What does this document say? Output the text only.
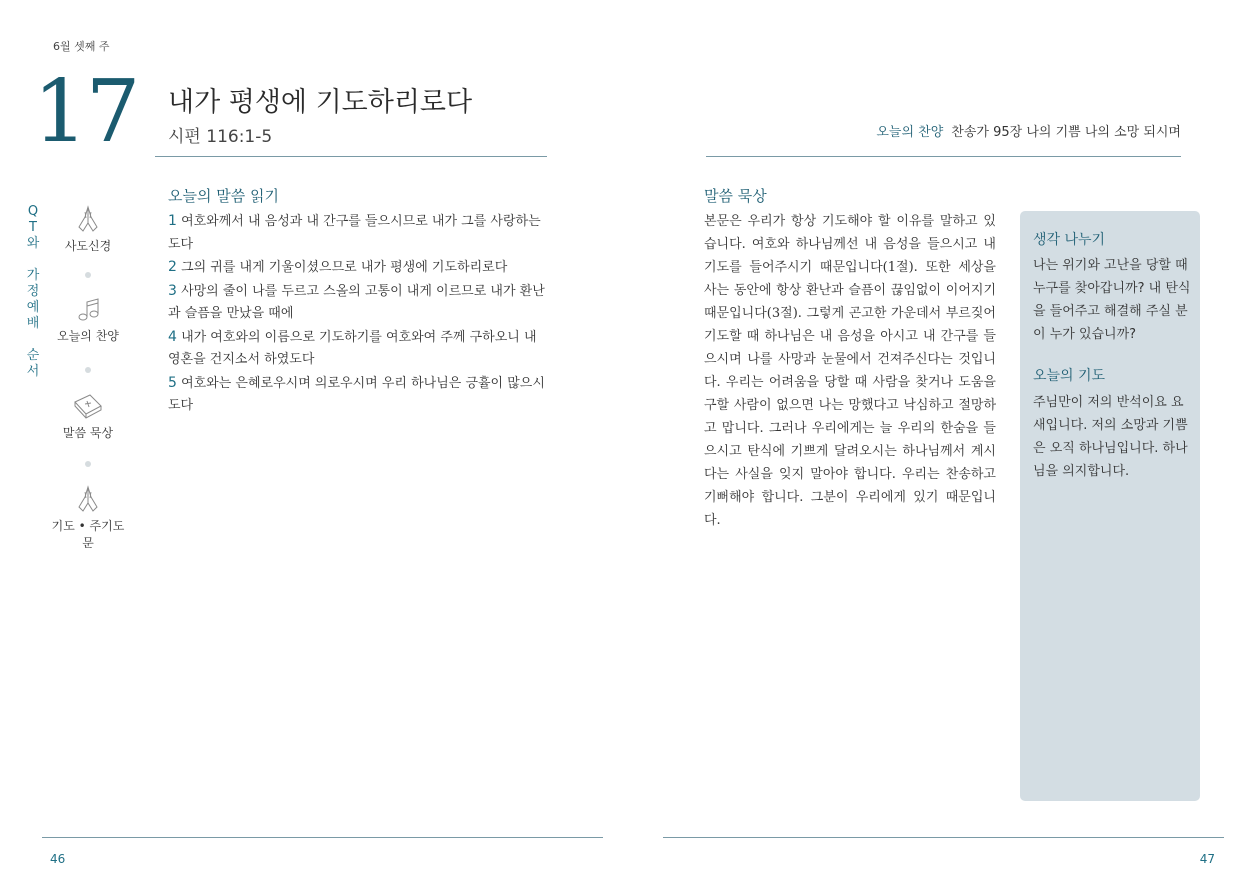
6월 셋째 주
17 내가 평생에 기도하리로다
시편 116:1-5	오늘의 찬양 찬송가 95장 나의 기쁨 나의 소망 되시며
Q
T
와

가
정
예
배

순
서
사도신경
오늘의 찬양
말씀 묵상
기도 • 주기도문
오늘의 말씀 읽기
1 여호와께서 내 음성과 내 간구를 들으시므로 내가 그를 사랑하는도다
2 그의 귀를 내게 기울이셨으므로 내가 평생에 기도하리로다
3 사망의 줄이 나를 두르고 스올의 고통이 내게 이르므로 내가 환난과 슬픔을 만났을 때에
4 내가 여호와의 이름으로 기도하기를 여호와여 주께 구하오니 내 영혼을 건지소서 하였도다
5 여호와는 은혜로우시며 의로우시며 우리 하나님은 긍휼이 많으시도다
말씀 묵상
본문은 우리가 항상 기도해야 할 이유를 말하고 있습니다. 여호와 하나님께선 내 음성을 들으시고 내 기도를 들어주시기 때문입니다(1절). 또한 세상을 사는 동안에 항상 환난과 슬픔이 끊임없이 이어지기 때문입니다(3절). 그렇게 곤고한 가운데서 부르짖어 기도할 때 하나님은 내 음성을 아시고 내 간구를 들으시며 나를 사망과 눈물에서 건져주신다는 것입니다. 우리는 어려움을 당할 때 사람을 찾거나 도움을 구할 사람이 없으면 나는 망했다고 낙심하고 절망하고 맙니다. 그러나 우리에게는 늘 우리의 한숨을 들으시고 탄식에 기쁘게 달려오시는 하나님께서 계시다는 사실을 잊지 말아야 합니다. 우리는 찬송하고 기뻐해야 합니다. 그분이 우리에게 있기 때문입니다.
생각 나누기
나는 위기와 고난을 당할 때 누구를 찾아갑니까? 내 탄식을 들어주고 해결해 주실 분이 누가 있습니까?
오늘의 기도
주님만이 저의 반석이요 요새입니다. 저의 소망과 기쁨은 오직 하나님입니다. 하나님을 의지합니다.
46	47
